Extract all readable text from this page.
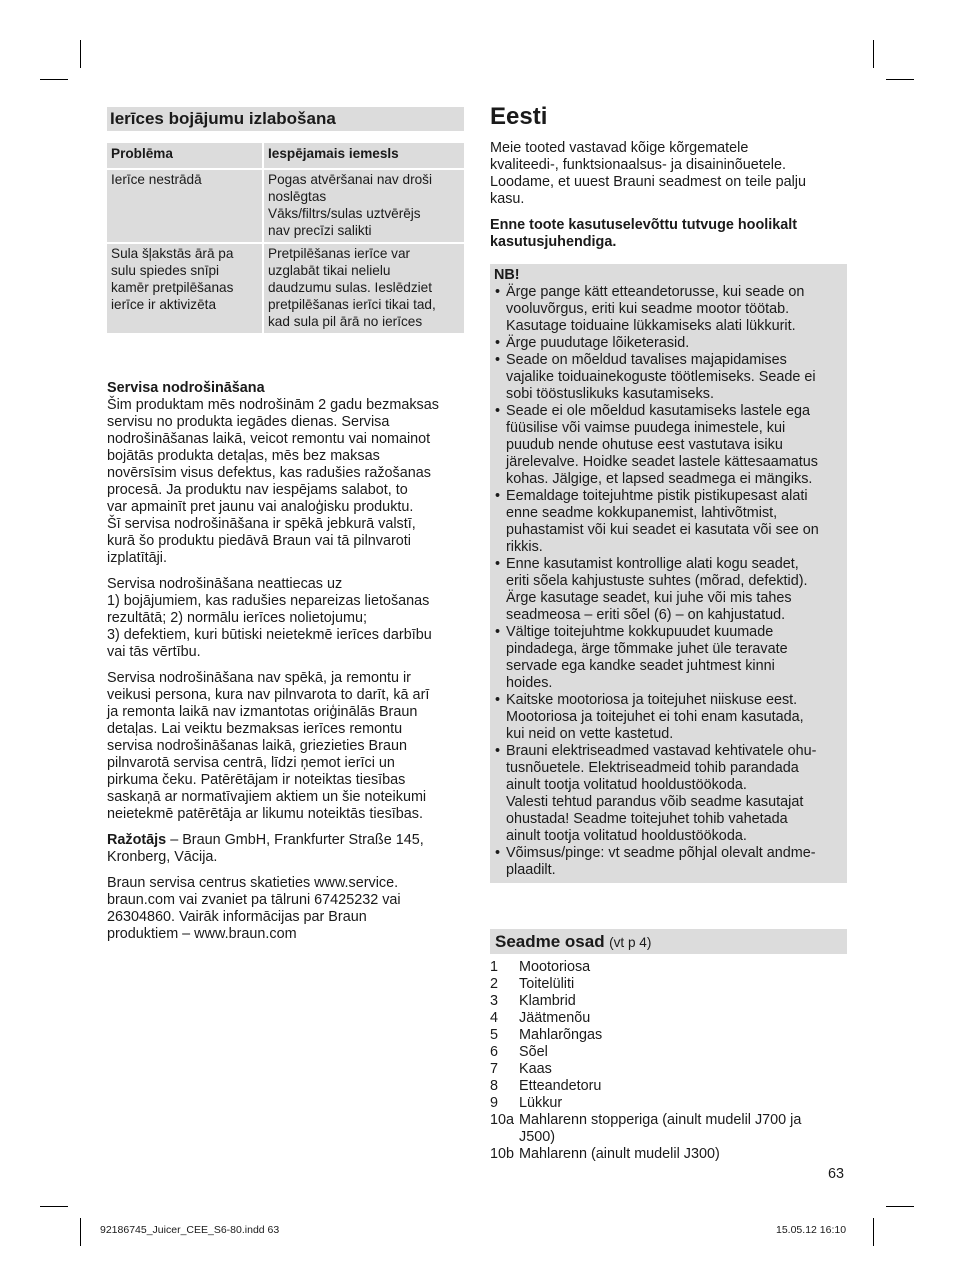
Ierīces bojājumu izlabošana
Problēma	Iespējamais iemesls

Ierīce nestrādā	Pogas atvēršanai nav droši
noslēgtas
Vāks/filtrs/sulas uztvērējs
nav precīzi salikti

Sula šļakstās ārā pa
sulu spiedes snīpi
kamēr pretpilēšanas
ierīce ir aktivizēta	Pretpilēšanas ierīce var
uzglabāt tikai nelielu
daudzumu sulas. Ieslēdziet
pretpilēšanas ierīci tikai tad,
kad sula pil ārā no ierīces

Servisa nodrošināšana
Šim produktam mēs nodrošinām 2 gadu bezmaksas
servisu no produkta iegādes dienas. Servisa
nodrošināšanas laikā, veicot remontu vai nomainot
bojātās produkta detaļas, mēs bez maksas
novērsīsim visus defektus, kas radušies ražošanas
procesā. Ja produktu nav iespējams salabot, to
var apmainīt pret jaunu vai analoģisku produktu.
Šī servisa nodrošināšana ir spēkā jebkurā valstī,
kurā šo produktu piedāvā Braun vai tā pilnvaroti
izplatītāji.

Servisa nodrošināšana neattiecas uz
1) bojājumiem, kas radušies nepareizas lietošanas
rezultātā; 2) normālu ierīces nolietojumu;
3) defektiem, kuri būtiski neietekmē ierīces darbību
vai tās vērtību.

Servisa nodrošināšana nav spēkā, ja remontu ir
veikusi persona, kura nav pilnvarota to darīt, kā arī
ja remonta laikā nav izmantotas oriģinālās Braun
detaļas. Lai veiktu bezmaksas ierīces remontu
servisa nodrošināšanas laikā, griezieties Braun
pilnvarotā servisa centrā, līdzi ņemot ierīci un
pirkuma čeku. Patērētājam ir noteiktas tiesības
saskaņā ar normatīvajiem aktiem un šie noteikumi
neietekmē patērētāja ar likumu noteiktās tiesības.

Ražotājs – Braun GmbH, Frankfurter Straße 145,
Kronberg, Vācija.

Braun servisa centrus skatieties www.service.
braun.com vai zvaniet pa tālruni 67425232 vai
26304860. Vairāk informācijas par Braun
produktiem – www.braun.com

Eesti

Meie tooted vastavad kõige kõrgematele
kvaliteedi-, funktsionaalsus- ja disaininõuetele.
Loodame, et uuest Brauni seadmest on teile palju
kasu.

Enne toote kasutuselevõttu tutvuge hoolikalt
kasutusjuhendiga.

NB!
• Ärge pange kätt etteandetorusse, kui seade on
vooluvõrgus, eriti kui seadme mootor töötab.
Kasutage toiduaine lükkamiseks alati lükkurit.
• Ärge puudutage lõiketerasid.
• Seade on mõeldud tavalises majapidamises
vajalike toiduainekoguste töötlemiseks. Seade ei
sobi tööstuslikuks kasutamiseks.
• Seade ei ole mõeldud kasutamiseks lastele ega
füüsilise või vaimse puudega inimestele, kui
puudub nende ohutuse eest vastutava isiku
järelevalve. Hoidke seadet lastele kättesaamatus
kohas. Jälgige, et lapsed seadmega ei mängiks.
• Eemaldage toitejuhtme pistik pistikupesast alati
enne seadme kokkupanemist, lahtivõtmist,
puhastamist või kui seadet ei kasutata või see on
rikkis.
• Enne kasutamist kontrollige alati kogu seadet,
eriti sõela kahjustuste suhtes (mõrad, defektid).
Ärge kasutage seadet, kui juhe või mis tahes
seadmeosa – eriti sõel (6) – on kahjustatud.
• Vältige toitejuhtme kokkupuudet kuumade
pindadega, ärge tõmmake juhet üle teravate
servade ega kandke seadet juhtmest kinni
hoides.
• Kaitske mootoriosa ja toitejuhet niiskuse eest.
Mootoriosa ja toitejuhet ei tohi enam kasutada,
kui neid on vette kastetud.
• Brauni elektriseadmed vastavad kehtivatele ohu-
tusnõuetele. Elektriseadmeid tohib parandada
ainult tootja volitatud hooldustöökoda.
Valesti tehtud parandus võib seadme kasutajat
ohustada! Seadme toitejuhet tohib vahetada
ainult tootja volitatud hooldustöökoda.
• Võimsus/pinge: vt seadme põhjal olevalt andme-
plaadilt.
Seadme osad (vt p 4)
1	Mootoriosa
2	Toitelüliti
3	Klambrid
4	Jäätmenõu
5	Mahlarõngas
6	Sõel
7	Kaas
8	Etteandetoru
9	Lükkur
10a Mahlarenn stopperiga (ainult mudelil J700 ja
J500)
10b Mahlarenn (ainult mudelil J300)
63
92186745_Juicer_CEE_S6-80.indd 63	15.05.12 16:10
